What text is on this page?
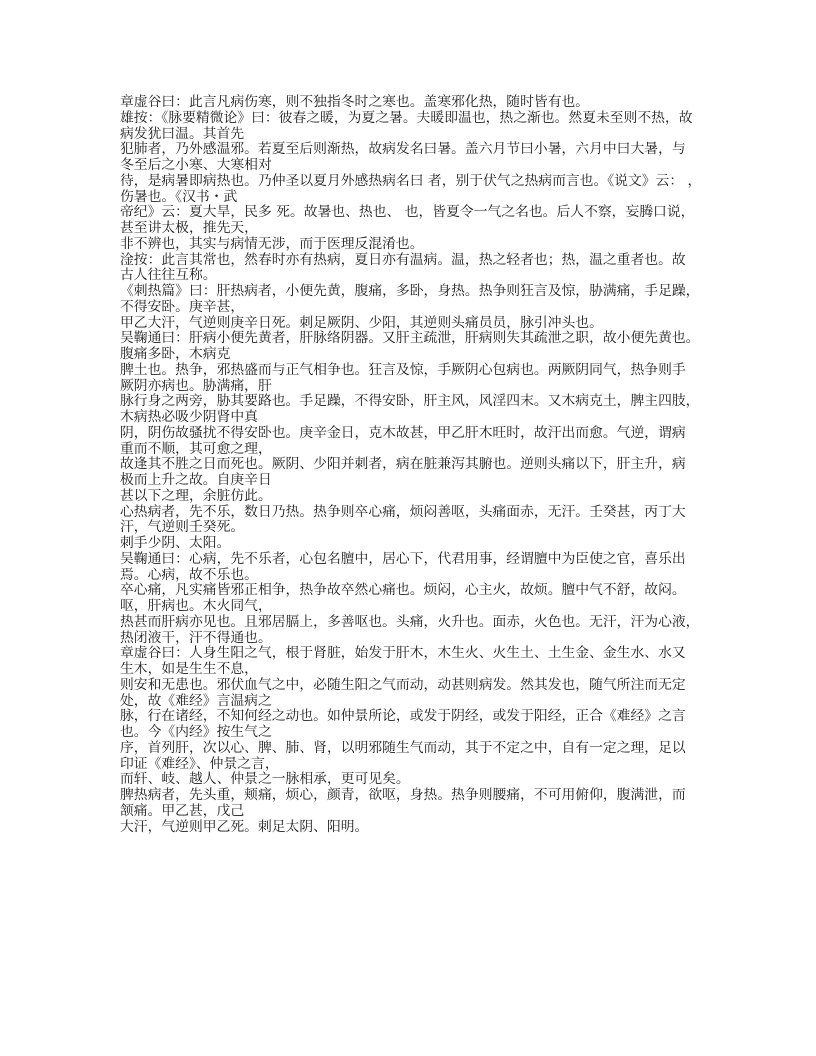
章虚谷曰：此言凡病伤寒，则不独指冬时之寒也。盖寒邪化热，随时皆有也。
雄按：《脉要精微论》曰：彼春之暖，为夏之暑。夫暖即温也，热之渐也。然夏未至则不热，故
病发犹曰温。其首先
犯肺者，乃外感温邪。若夏至后则渐热，故病发名曰暑。盖六月节曰小暑，六月中曰大暑，与
冬至后之小寒、大寒相对
待，是病暑即病热也。乃仲圣以夏月外感热病名曰 者，别于伏气之热病而言也。《说文》云： ，
伤暑也。《汉书・武
帝纪》云：夏大旱，民多 死。故暑也、热也、 也，皆夏令一气之名也。后人不察，妄腾口说，
甚至讲太极，推先天，
非不辨也，其实与病情无涉，而于医理反混淆也。
淦按：此言其常也，然春时亦有热病，夏日亦有温病。温，热之轻者也；热，温之重者也。故
古人往往互称。
《刺热篇》曰：肝热病者，小便先黄，腹痛，多卧，身热。热争则狂言及惊，胁满痛，手足躁，
不得安卧。庚辛甚，
甲乙大汗，气逆则庚辛日死。刺足厥阴、少阳，其逆则头痛员员，脉引冲头也。
吴鞠通曰：肝病小便先黄者，肝脉络阴器。又肝主疏泄，肝病则失其疏泄之职，故小便先黄也。
腹痛多卧，木病克
脾土也。热争，邪热盛而与正气相争也。狂言及惊，手厥阴心包病也。两厥阴同气，热争则手
厥阴亦病也。胁满痛，肝
脉行身之两旁，胁其要路也。手足躁，不得安卧，肝主风，风淫四末。又木病克土，脾主四肢，
木病热必吸少阴肾中真
阴，阴伤故骚扰不得安卧也。庚辛金日，克木故甚，甲乙肝木旺时，故汗出而愈。气逆，谓病
重而不顺，其可愈之理，
故逢其不胜之日而死也。厥阴、少阳并刺者，病在脏兼泻其腑也。逆则头痛以下，肝主升，病
极而上升之故。自庚辛日
甚以下之理，余脏仿此。
心热病者，先不乐，数日乃热。热争则卒心痛，烦闷善呕，头痛面赤，无汗。壬癸甚，丙丁大
汗，气逆则壬癸死。
刺手少阴、太阳。
吴鞠通曰：心病，先不乐者，心包名膻中，居心下，代君用事，经谓膻中为臣使之官，喜乐出
焉。心病，故不乐也。
卒心痛，凡实痛皆邪正相争，热争故卒然心痛也。烦闷，心主火，故烦。膻中气不舒，故闷。
呕，肝病也。木火同气，
热甚而肝病亦见也。且邪居膈上，多善呕也。头痛，火升也。面赤，火色也。无汗，汗为心液，
热闭液干，汗不得通也。
章虚谷曰：人身生阳之气，根于肾脏，始发于肝木，木生火、火生土、土生金、金生水、水又
生木，如是生生不息，
则安和无患也。邪伏血气之中，必随生阳之气而动，动甚则病发。然其发也，随气所注而无定
处，故《难经》言温病之
脉，行在诸经，不知何经之动也。如仲景所论，或发于阴经，或发于阳经，正合《难经》之言
也。今《内经》按生气之
序，首列肝，次以心、脾、肺、肾，以明邪随生气而动，其于不定之中，自有一定之理，足以
印证《难经》、仲景之言，
而轩、岐、越人、仲景之一脉相承，更可见矣。
脾热病者，先头重，颊痛，烦心，颜青，欲呕，身热。热争则腰痛，不可用俯仰，腹满泄，而
颔痛。甲乙甚，戊己
大汗，气逆则甲乙死。刺足太阴、阳明。
